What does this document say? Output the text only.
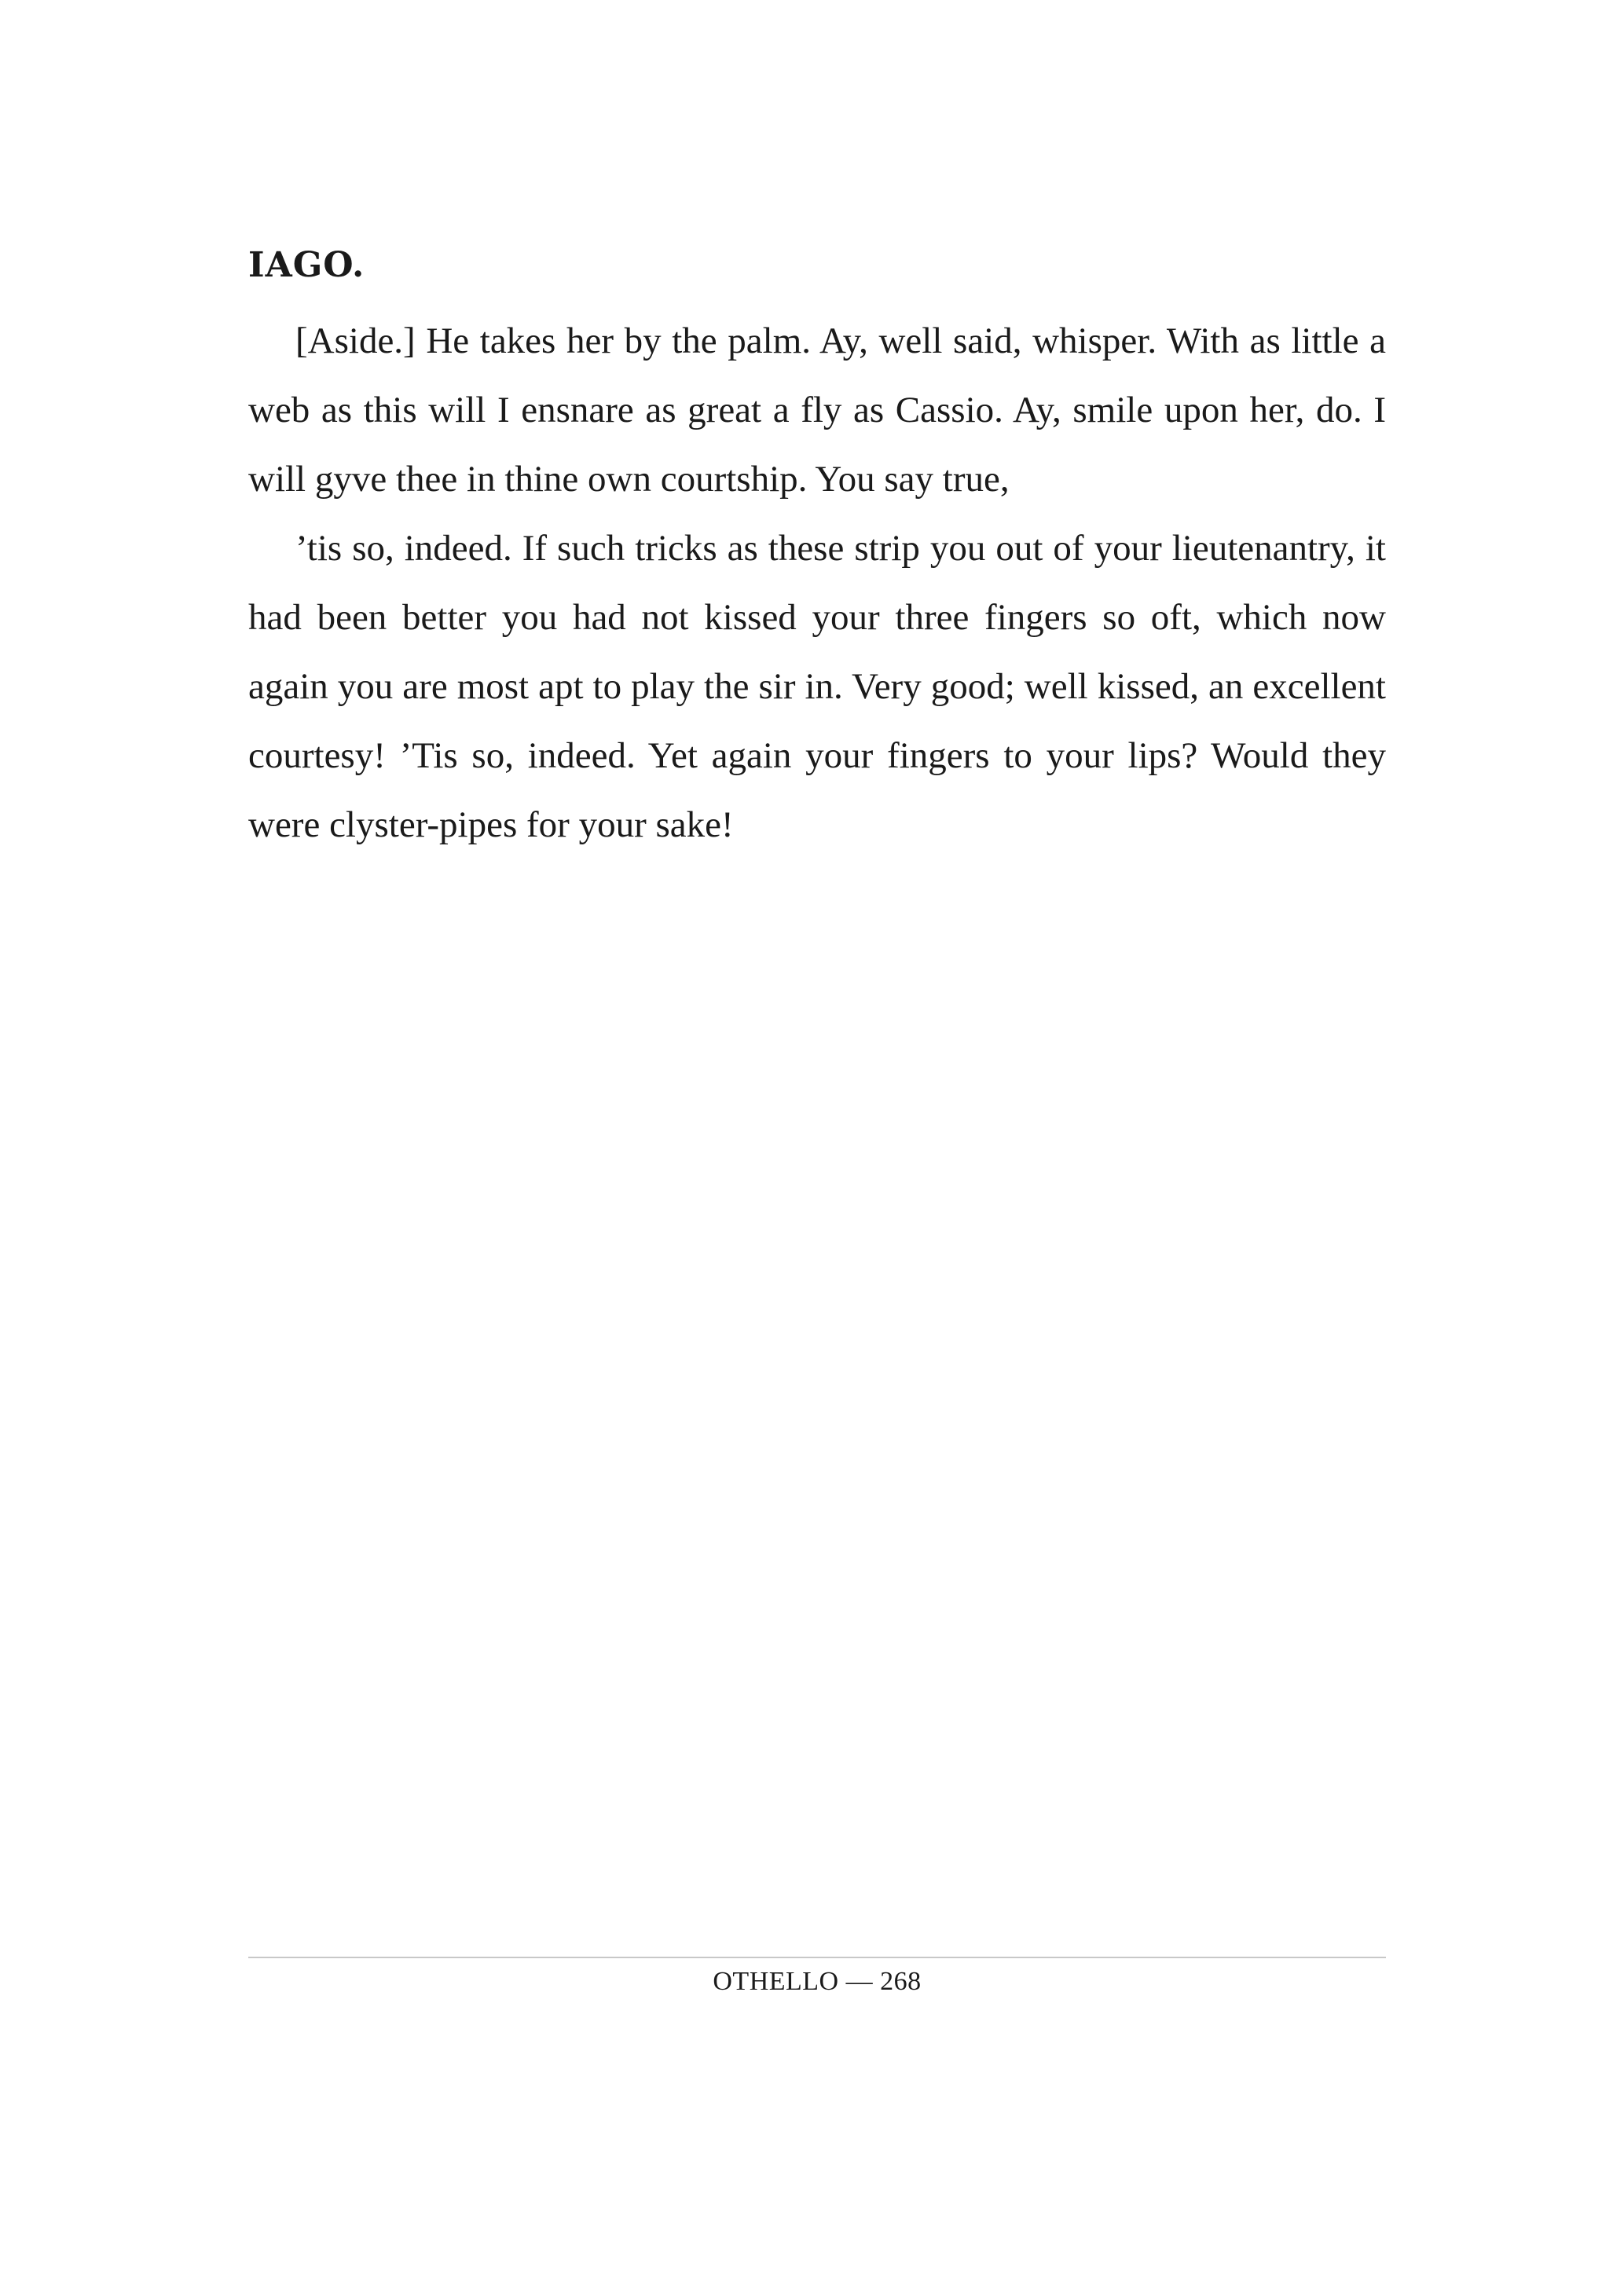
IAGO.

[Aside.] He takes her by the palm. Ay, well said, whisper. With as little a web as this will I ensnare as great a fly as Cassio. Ay, smile upon her, do. I will gyve thee in thine own courtship. You say true,

’tis so, indeed. If such tricks as these strip you out of your lieutenantry, it had been better you had not kissed your three fingers so oft, which now again you are most apt to play the sir in. Very good; well kissed, an excellent courtesy! ’Tis so, indeed. Yet again your fingers to your lips? Would they were clyster-pipes for your sake!

OTHELLO — 268
